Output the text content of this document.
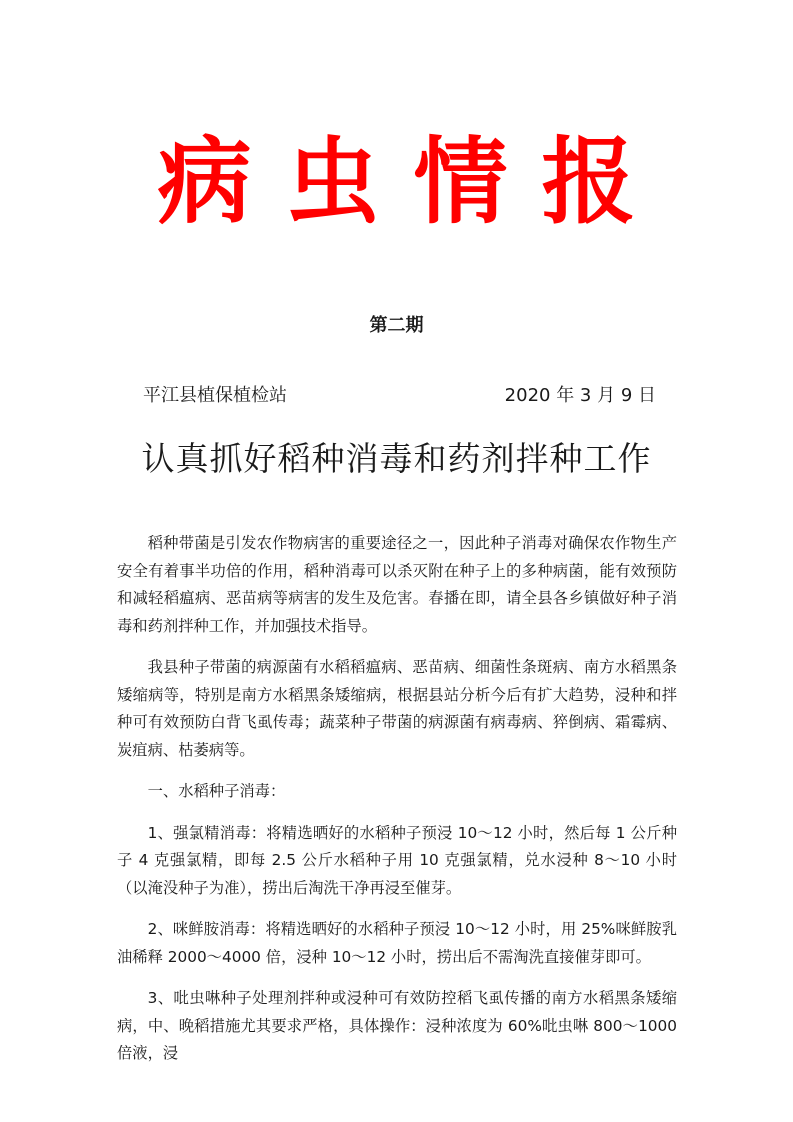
病虫情报
第二期
平江县植保植检站	2020 年 3 月 9 日
认真抓好稻种消毒和药剂拌种工作

稻种带菌是引发农作物病害的重要途径之一，因此种子消毒对确保农作物生产安全有着事半功倍的作用，稻种消毒可以杀灭附在种子上的多种病菌，能有效预防和减轻稻瘟病、恶苗病等病害的发生及危害。春播在即，请全县各乡镇做好种子消毒和药剂拌种工作，并加强技术指导。

我县种子带菌的病源菌有水稻稻瘟病、恶苗病、细菌性条斑病、南方水稻黑条矮缩病等，特别是南方水稻黑条矮缩病，根据县站分析今后有扩大趋势，浸种和拌种可有效预防白背飞虱传毒；蔬菜种子带菌的病源菌有病毒病、猝倒病、霜霉病、炭疽病、枯萎病等。

一、水稻种子消毒：

1、强氯精消毒：将精选晒好的水稻种子预浸 10～12 小时，然后每 1 公斤种子 4 克强氯精，即每 2.5 公斤水稻种子用 10 克强氯精，兑水浸种 8～10 小时（以淹没种子为准），捞出后淘洗干净再浸至催芽。

2、咪鲜胺消毒：将精选晒好的水稻种子预浸 10～12 小时，用 25%咪鲜胺乳油稀释 2000～4000 倍，浸种 10～12 小时，捞出后不需淘洗直接催芽即可。

3、吡虫啉种子处理剂拌种或浸种可有效防控稻飞虱传播的南方水稻黑条矮缩病，中、晚稻措施尤其要求严格，具体操作：浸种浓度为 60%吡虫啉 800～1000 倍液，浸
